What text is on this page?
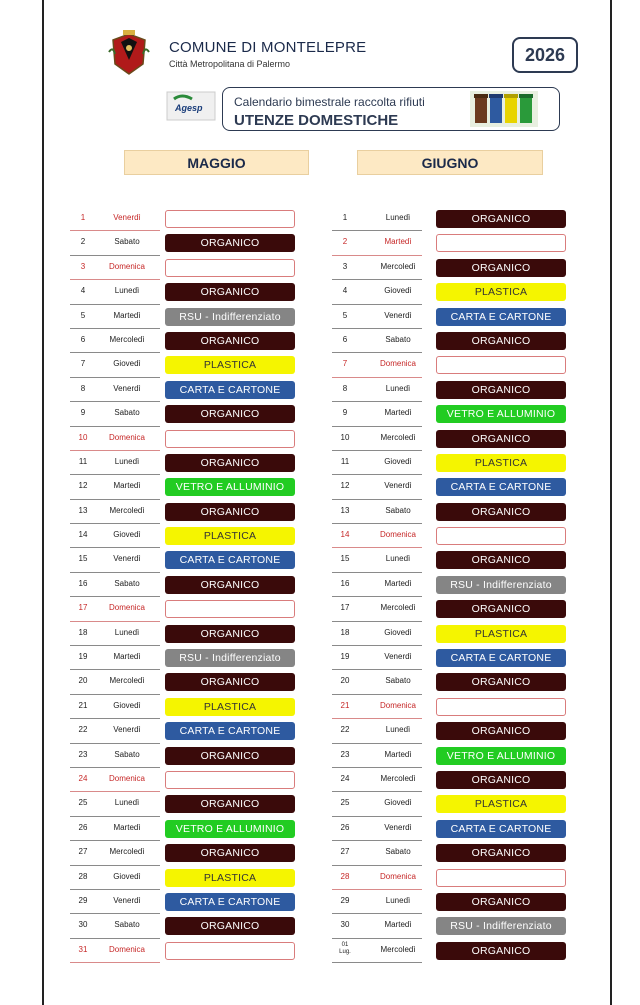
COMUNE DI MONTELEPRE
Città Metropolitana di Palermo	2026
Agesp	Calendario bimestrale raccolta rifiuti
UTENZE DOMESTICHE
MAGGIO	GIUGNO
1	Venerdì
2	Sabato	ORGANICO
3	Domenica
4	Lunedì	ORGANICO
5	Martedì	RSU - Indifferenziato
6	Mercoledì	ORGANICO
7	Giovedì	PLASTICA
8	Venerdì	CARTA E CARTONE
9	Sabato	ORGANICO
10	Domenica
11	Lunedì	ORGANICO
12	Martedì	VETRO E ALLUMINIO
13	Mercoledì	ORGANICO
14	Giovedì	PLASTICA
15	Venerdì	CARTA E CARTONE
16	Sabato	ORGANICO
17	Domenica
18	Lunedì	ORGANICO
19	Martedì	RSU - Indifferenziato
20	Mercoledì	ORGANICO
21	Giovedì	PLASTICA
22	Venerdì	CARTA E CARTONE
23	Sabato	ORGANICO
24	Domenica
25	Lunedì	ORGANICO
26	Martedì	VETRO E ALLUMINIO
27	Mercoledì	ORGANICO
28	Giovedì	PLASTICA
29	Venerdì	CARTA E CARTONE
30	Sabato	ORGANICO
31	Domenica
1	Lunedì	ORGANICO
2	Martedì
3	Mercoledì	ORGANICO
4	Giovedì	PLASTICA
5	Venerdì	CARTA E CARTONE
6	Sabato	ORGANICO
7	Domenica
8	Lunedì	ORGANICO
9	Martedì	VETRO E ALLUMINIO
10	Mercoledì	ORGANICO
11	Giovedì	PLASTICA
12	Venerdì	CARTA E CARTONE
13	Sabato	ORGANICO
14	Domenica
15	Lunedì	ORGANICO
16	Martedì	RSU - Indifferenziato
17	Mercoledì	ORGANICO
18	Giovedì	PLASTICA
19	Venerdì	CARTA E CARTONE
20	Sabato	ORGANICO
21	Domenica
22	Lunedì	ORGANICO
23	Martedì	VETRO E ALLUMINIO
24	Mercoledì	ORGANICO
25	Giovedì	PLASTICA
26	Venerdì	CARTA E CARTONE
27	Sabato	ORGANICO
28	Domenica
29	Lunedì	ORGANICO
30	Martedì	RSU - Indifferenziato
01
Lug.	Mercoledì	ORGANICO
